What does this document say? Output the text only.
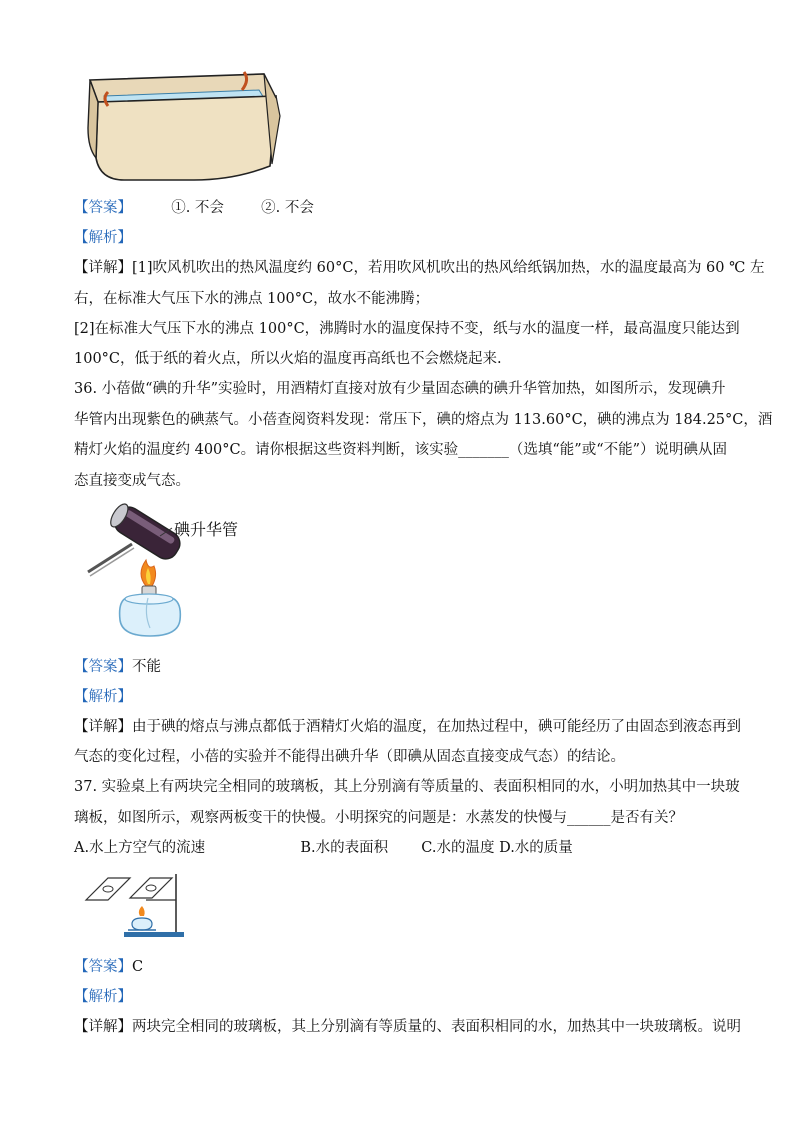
【答案】	①. 不会	②. 不会
【解析】
【详解】[1]吹风机吹出的热风温度约 60°C，若用吹风机吹出的热风给纸锅加热，水的温度最高为 60 ℃ 左
右，在标准大气压下水的沸点 100°C，故水不能沸腾；
[2]在标准大气压下水的沸点 100°C，沸腾时水的温度保持不变，纸与水的温度一样，最高温度只能达到
100°C，低于纸的着火点，所以火焰的温度再高纸也不会燃烧起来.
36. 小蓓做“碘的升华”实验时，用酒精灯直接对放有少量固态碘的碘升华管加热，如图所示，发现碘升
华管内出现紫色的碘蒸气。小蓓查阅资料发现：常压下，碘的熔点为 113.60°C，碘的沸点为 184.25°C，酒
精灯火焰的温度约 400°C。请你根据这些资料判断，该实验_______（选填“能”或“不能”）说明碘从固
态直接变成气态。
碘升华管
【答案】不能
【解析】
【详解】由于碘的熔点与沸点都低于酒精灯火焰的温度，在加热过程中，碘可能经历了由固态到液态再到
气态的变化过程，小蓓的实验并不能得出碘升华（即碘从固态直接变成气态）的结论。
37. 实验桌上有两块完全相同的玻璃板，其上分别滴有等质量的、表面积相同的水，小明加热其中一块玻
璃板，如图所示，观察两板变干的快慢。小明探究的问题是：水蒸发的快慢与______是否有关？
A.水上方空气的流速	B.水的表面积 C.水的温度 D.水的质量
【答案】C
【解析】
【详解】两块完全相同的玻璃板，其上分别滴有等质量的、表面积相同的水，加热其中一块玻璃板。说明
